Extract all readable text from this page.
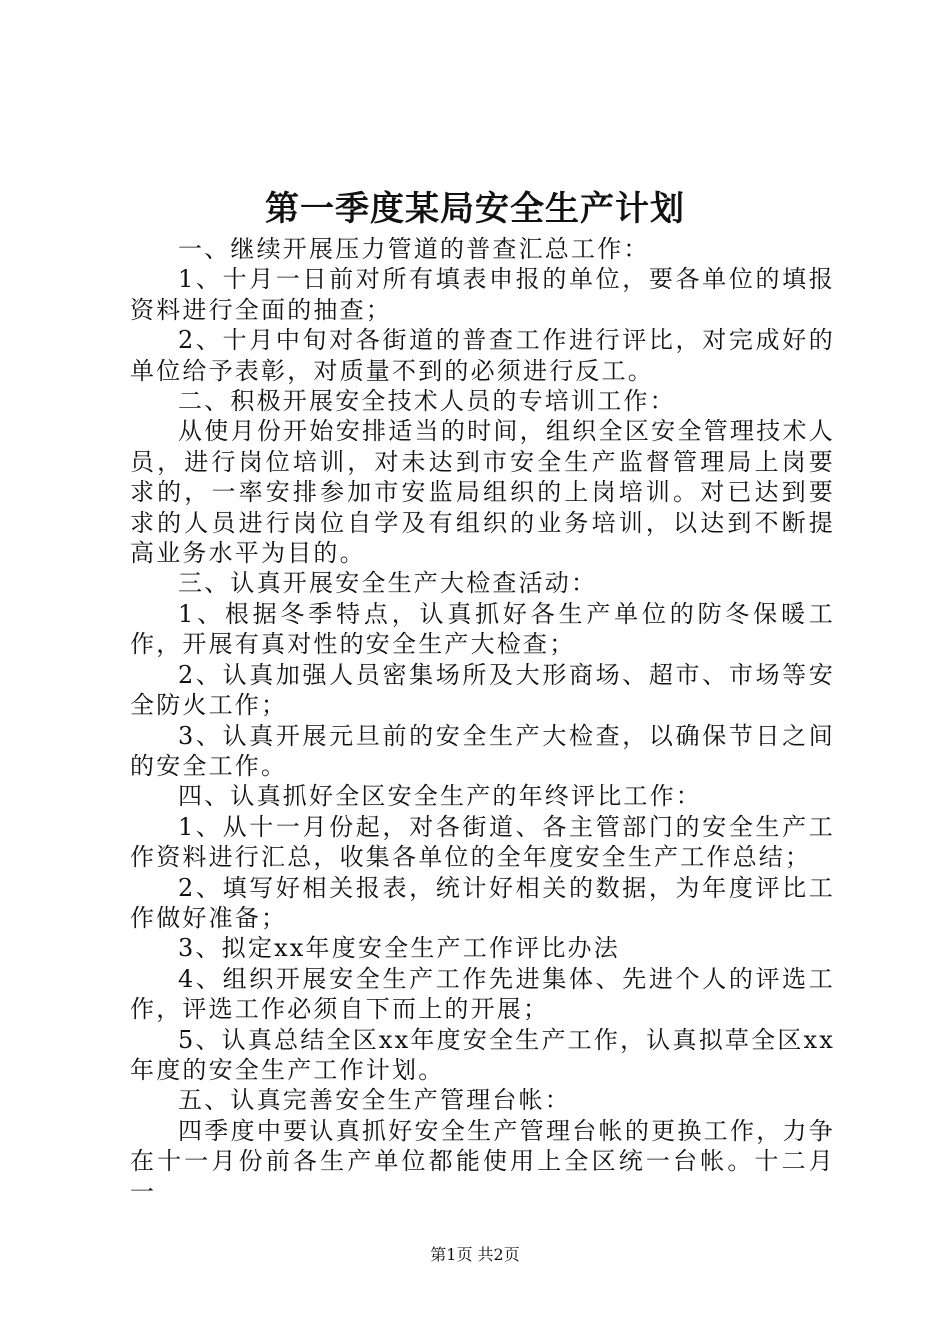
第一季度某局安全生产计划

一、继续开展压力管道的普查汇总工作：

1、十月一日前对所有填表申报的单位，要各单位的填报资料进行全面的抽查；

2、十月中旬对各街道的普查工作进行评比，对完成好的单位给予表彰，对质量不到的必须进行反工。

二、积极开展安全技术人员的专培训工作：

从使月份开始安排适当的时间，组织全区安全管理技术人员，进行岗位培训，对未达到市安全生产监督管理局上岗要求的，一率安排参加市安监局组织的上岗培训。对已达到要求的人员进行岗位自学及有组织的业务培训，以达到不断提高业务水平为目的。

三、认真开展安全生产大检查活动：

1、根据冬季特点，认真抓好各生产单位的防冬保暖工作，开展有真对性的安全生产大检查；

2、认真加强人员密集场所及大形商场、超市、市场等安全防火工作；

3、认真开展元旦前的安全生产大检查，以确保节日之间的安全工作。

四、认真抓好全区安全生产的年终评比工作：

1、从十一月份起，对各街道、各主管部门的安全生产工作资料进行汇总，收集各单位的全年度安全生产工作总结；

2、填写好相关报表，统计好相关的数据，为年度评比工作做好准备；

3、拟定xx年度安全生产工作评比办法

4、组织开展安全生产工作先进集体、先进个人的评选工作，评选工作必须自下而上的开展；

5、认真总结全区xx年度安全生产工作，认真拟草全区xx年度的安全生产工作计划。

五、认真完善安全生产管理台帐：

四季度中要认真抓好安全生产管理台帐的更换工作，力争在十一月份前各生产单位都能使用上全区统一台帐。十二月一

第1页 共2页
